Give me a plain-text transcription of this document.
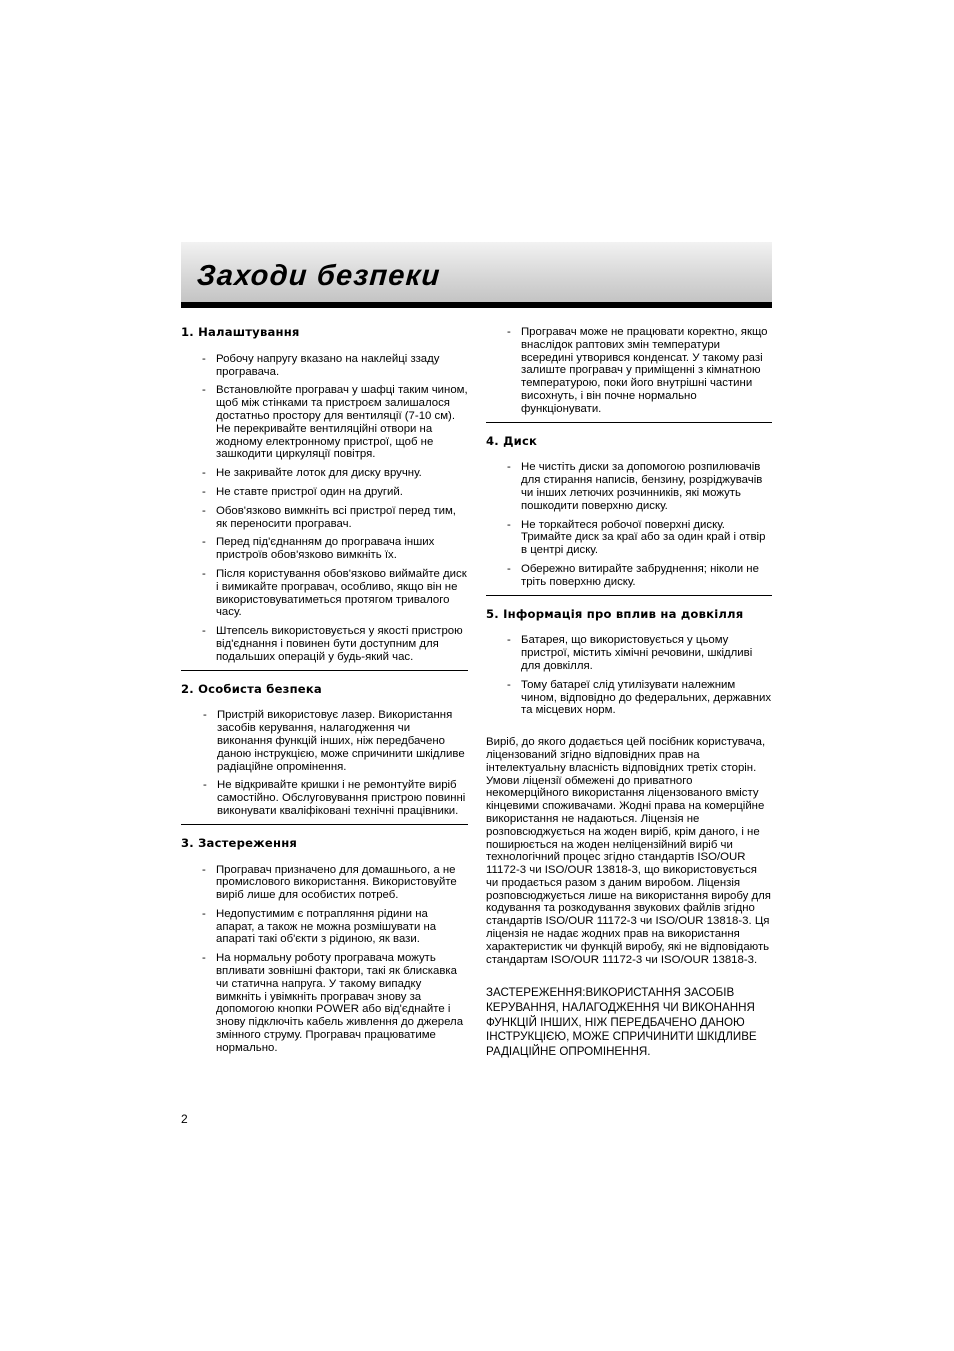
Заходи безпеки
1. Налаштування
- Робочу напругу вказано на наклейці ззаду програвача.
- Встановлюйте програвач у шафці таким чином, щоб між стінками та пристроєм залишалося достатньо простору для вентиляції (7-10 см). Не перекривайте вентиляційні отвори на жодному електронному пристрої, щоб не зашкодити циркуляції повітря.
- Не закривайте лоток для диску вручну.
- Не ставте пристрої один на другий.
- Обов'язково вимкніть всі пристрої перед тим, як переносити програвач.
- Перед під'єднанням до програвача інших пристроїв обов'язково вимкніть їх.
- Після користування обов'язково виймайте диск і вимикайте програвач, особливо, якщо він не використовуватиметься протягом тривалого часу.
- Штепсель використовується у якості пристрою від'єднання і повинен бути доступним для подальших операцій у будь-який час.
2. Особиста безпека
- Пристрій використовує лазер. Використання засобів керування, налагодження чи виконання функцій інших, ніж передбачено даною інструкцією, може спричинити шкідливе радіаційне опромінення.
- Не відкривайте кришки і не ремонтуйте виріб самостійно. Обслуговування пристрою повинні виконувати кваліфіковані технічні працівники.
3. Застереження
- Програвач призначено для домашнього, а не промислового використання. Використовуйте виріб лише для особистих потреб.
- Недопустимим є потрапляння рідини на апарат, а також не можна розмішувати на апараті такі об'єкти з рідиною, як вази.
- На нормальну роботу програвача можуть впливати зовнішні фактори, такі як блискавка чи статична напруга. У такому випадку вимкніть і увімкніть програвач знову за допомогою кнопки POWER або від'єднайте і знову підключіть кабель живлення до джерела змінного струму. Програвач працюватиме нормально.
- Програвач може не працювати коректно, якщо внаслідок раптових змін температури всередині утворився конденсат. У такому разі залиште програвач у приміщенні з кімнатною температурою, поки його внутрішні частини висохнуть, і він почне нормально функціонувати.
4. Диск
- Не чистіть диски за допомогою розпилювачів для стирання написів, бензину, розріджувачів чи інших летючих розчинників, які можуть пошкодити поверхню диску.
- Не торкайтеся робочої поверхні диску. Тримайте диск за краї або за один край і отвір в центрі диску.
- Обережно витирайте забруднення; ніколи не тріть поверхню диску.
5. Інформація про вплив на довкілля
- Батарея, що використовується у цьому пристрої, містить хімічні речовини, шкідливі для довкілля.
- Тому батареї слід утилізувати належним чином, відповідно до федеральних, державних та місцевих норм.
Виріб, до якого додається цей посібник користувача, ліцензований згідно відповідних прав на інтелектуальну власність відповідних третіх сторін. Умови ліцензії обмежені до приватного некомерційного використання ліцензованого вмісту кінцевими споживачами. Жодні права на комерційне використання не надаються. Ліцензія не розповсюджується на жоден виріб, крім даного, і не поширюється на жоден неліцензійний виріб чи технологічний процес згідно стандартів ISO/OUR 11172-3 чи ISO/OUR 13818-3, що використовується чи продається разом з даним виробом. Ліцензія розповсюджується лише на використання виробу для кодування та розкодування звукових файлів згідно стандартів ISO/OUR 11172-3 чи ISO/OUR 13818-3. Ця ліцензія не надає жодних прав на використання характеристик чи функцій виробу, які не відповідають стандартам ISO/OUR 11172-3 чи ISO/OUR 13818-3.
ЗАСТЕРЕЖЕННЯ:ВИКОРИСТАННЯ ЗАСОБІВ КЕРУВАННЯ, НАЛАГОДЖЕННЯ ЧИ ВИКОНАННЯ ФУНКЦІЙ ІНШИХ, НІЖ ПЕРЕДБАЧЕНО ДАНОЮ ІНСТРУКЦІЄЮ, МОЖЕ СПРИЧИНИТИ ШКІДЛИВЕ РАДІАЦІЙНЕ ОПРОМІНЕННЯ.
2
